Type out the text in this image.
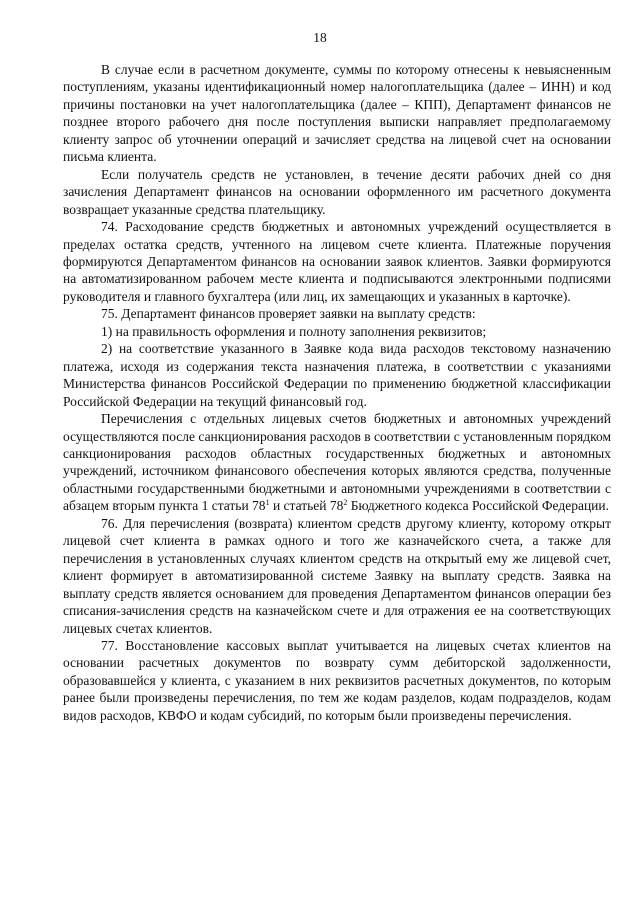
18

В случае если в расчетном документе, суммы по которому отнесены к невыясненным поступлениям, указаны идентификационный номер налогоплательщика (далее – ИНН) и код причины постановки на учет налогоплательщика (далее – КПП), Департамент финансов не позднее второго рабочего дня после поступления выписки направляет предполагаемому клиенту запрос об уточнении операций и зачисляет средства на лицевой счет на основании письма клиента.

Если получатель средств не установлен, в течение десяти рабочих дней со дня зачисления Департамент финансов на основании оформленного им расчетного документа возвращает указанные средства плательщику.

74. Расходование средств бюджетных и автономных учреждений осуществляется в пределах остатка средств, учтенного на лицевом счете клиента. Платежные поручения формируются Департаментом финансов на основании заявок клиентов. Заявки формируются на автоматизированном рабочем месте клиента и подписываются электронными подписями руководителя и главного бухгалтера (или лиц, их замещающих и указанных в карточке).

75. Департамент финансов проверяет заявки на выплату средств:

1) на правильность оформления и полноту заполнения реквизитов;

2) на соответствие указанного в Заявке кода вида расходов текстовому назначению платежа, исходя из содержания текста назначения платежа, в соответствии с указаниями Министерства финансов Российской Федерации по применению бюджетной классификации Российской Федерации на текущий финансовый год.

Перечисления с отдельных лицевых счетов бюджетных и автономных учреждений осуществляются после санкционирования расходов в соответствии с установленным порядком санкционирования расходов областных государственных бюджетных и автономных учреждений, источником финансового обеспечения которых являются средства, полученные областными государственными бюджетными и автономными учреждениями в соответствии с абзацем вторым пункта 1 статьи $78^1$ и статьей $78^2$ Бюджетного кодекса Российской Федерации.

76. Для перечисления (возврата) клиентом средств другому клиенту, которому открыт лицевой счет клиента в рамках одного и того же казначейского счета, а также для перечисления в установленных случаях клиентом средств на открытый ему же лицевой счет, клиент формирует в автоматизированной системе Заявку на выплату средств. Заявка на выплату средств является основанием для проведения Департаментом финансов операции без списания-зачисления средств на казначейском счете и для отражения ее на соответствующих лицевых счетах клиентов.

77. Восстановление кассовых выплат учитывается на лицевых счетах клиентов на основании расчетных документов по возврату сумм дебиторской задолженности, образовавшейся у клиента, с указанием в них реквизитов расчетных документов, по которым ранее были произведены перечисления, по тем же кодам разделов, кодам подразделов, кодам видов расходов, КВФО и кодам субсидий, по которым были произведены перечисления.
